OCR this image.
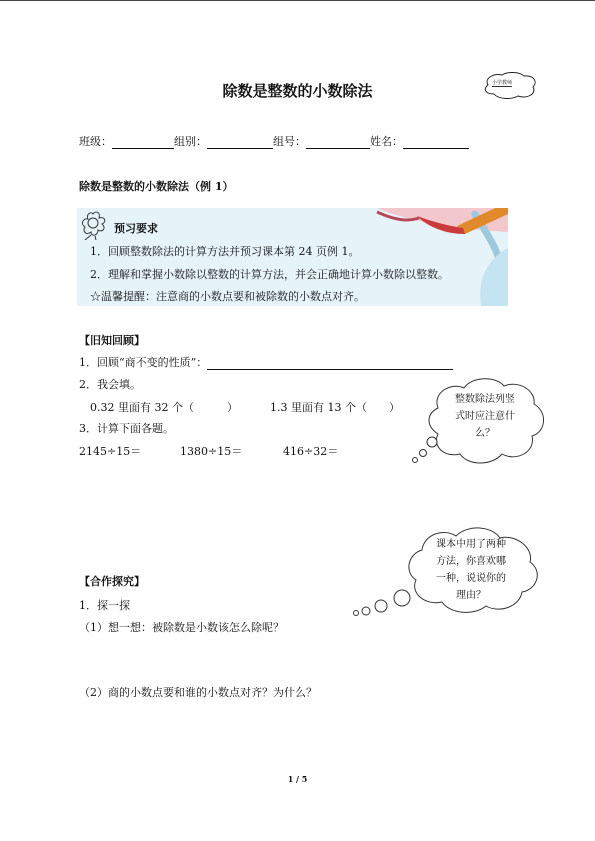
除数是整数的小数除法	小学教师
班级：	组别：	组号：	姓名：
除数是整数的小数除法（例 1）
预习要求
1．回顾整数除法的计算方法并预习课本第 24 页例 1。
2．理解和掌握小数除以整数的计算方法，并会正确地计算小数除以整数。
☆温馨提醒：注意商的小数点要和被除数的小数点对齐。
【旧知回顾】
1．回顾“商不变的性质”：
2．我会填。
0.32 里面有 32 个（　　　）	1.3 里面有 13 个（　　）
3．计算下面各题。
2145÷15＝	1380÷15＝	416÷32＝
整数除法列竖式时应注意什么？
课本中用了两种方法，你喜欢哪一种，说说你的理由？
【合作探究】
1．探一探
（1）想一想：被除数是小数该怎么除呢？
（2）商的小数点要和谁的小数点对齐？为什么？
1 / 5
